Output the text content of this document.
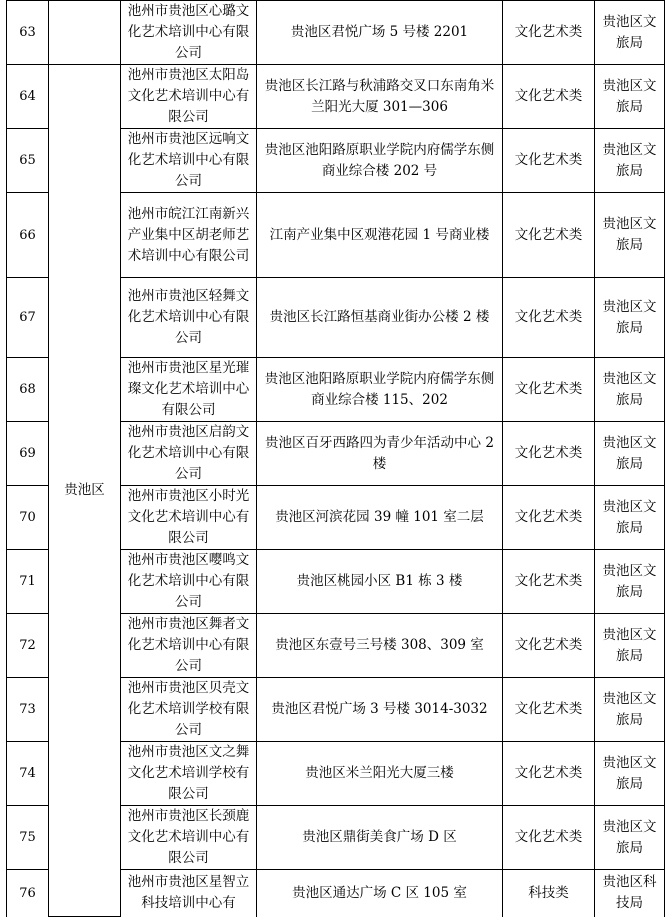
63		池州市贵池区心璐文化艺术培训中心有限公司	贵池区君悦广场 5 号楼 2201	文化艺术类	贵池区文旅局
64	贵池区	池州市贵池区太阳岛文化艺术培训中心有限公司	贵池区长江路与秋浦路交叉口东南角米兰阳光大厦 301—306	文化艺术类	贵池区文旅局
65		池州市贵池区远响文化艺术培训中心有限公司	贵池区池阳路原职业学院内府儒学东侧商业综合楼 202 号	文化艺术类	贵池区文旅局
66		池州市皖江江南新兴产业集中区胡老师艺术培训中心有限公司	江南产业集中区观港花园 1 号商业楼	文化艺术类	贵池区文旅局
67		池州市贵池区轻舞文化艺术培训中心有限公司	贵池区长江路恒基商业街办公楼 2 楼	文化艺术类	贵池区文旅局
68		池州市贵池区星光璀璨文化艺术培训中心有限公司	贵池区池阳路原职业学院内府儒学东侧商业综合楼 115、202	文化艺术类	贵池区文旅局
69		池州市贵池区启韵文化艺术培训中心有限公司	贵池区百牙西路四为青少年活动中心 2 楼	文化艺术类	贵池区文旅局
70		池州市贵池区小时光文化艺术培训中心有限公司	贵池区河滨花园 39 幢 101 室二层	文化艺术类	贵池区文旅局
71		池州市贵池区嘤鸣文化艺术培训中心有限公司	贵池区桃园小区 B1 栋 3 楼	文化艺术类	贵池区文旅局
72		池州市贵池区舞者文化艺术培训中心有限公司	贵池区东壹号三号楼 308、309 室	文化艺术类	贵池区文旅局
73		池州市贵池区贝壳文化艺术培训学校有限公司	贵池区君悦广场 3 号楼 3014-3032	文化艺术类	贵池区文旅局
74		池州市贵池区文之舞文化艺术培训学校有限公司	贵池区米兰阳光大厦三楼	文化艺术类	贵池区文旅局
75		池州市贵池区长颈鹿文化艺术培训中心有限公司	贵池区鼎街美食广场 D 区	文化艺术类	贵池区文旅局
76		池州市贵池区星智立科技培训中心有	贵池区通达广场 C 区 105 室	科技类	贵池区科技局
